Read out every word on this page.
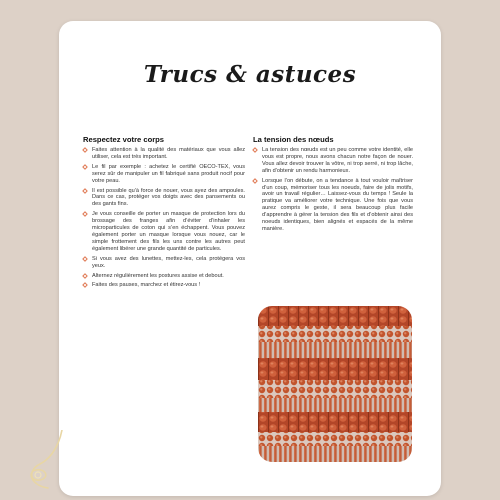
Trucs & astuces
Respectez votre corps
Faites attention à la qualité des matériaux que vous allez utiliser, cela est très important.
Le fil par exemple : achetez le certifié OECO-TEX, vous serez sûr de manipuler un fil fabriqué sans produit nocif pour votre peau.
Il est possible qu’à force de nouer, vous ayez des ampoules. Dans ce cas, protéger vos doigts avec des pansements ou des gants fins.
Je vous conseille de porter un masque de protection lors du brossage des franges afin d’éviter d’inhaler les microparticules de coton qui s’en échappent. Vous pouvez également porter un masque lorsque vous nouez, car le simple frottement des fils les uns contre les autres peut également libérer une grande quantité de particules.
Si vous avez des lunettes, mettez-les, cela protégera vos yeux.
Alternez régulièrement les postures assise et debout.
Faites des pauses, marchez et étirez-vous !
La tension des nœuds

La tension des nœuds est un peu comme votre identité, elle vous est propre, nous avons chacun notre façon de nouer. Vous allez devoir trouver la vôtre, ni trop serré, ni trop lâche, afin d’obtenir un rendu harmonieux.

Lorsque l’on débute, on a tendance à tout vouloir maîtriser d’un coup, mémoriser tous les noeuds, faire de jolis motifs, avoir un travail régulier… Laissez-vous du temps ! Seule la pratique va améliorer votre technique. Une fois que vous aurez compris le geste, il sera beaucoup plus facile d’apprendre à gérer la tension des fils et d’obtenir ainsi des noeuds identiques, bien alignés et espacés de la même manière.
